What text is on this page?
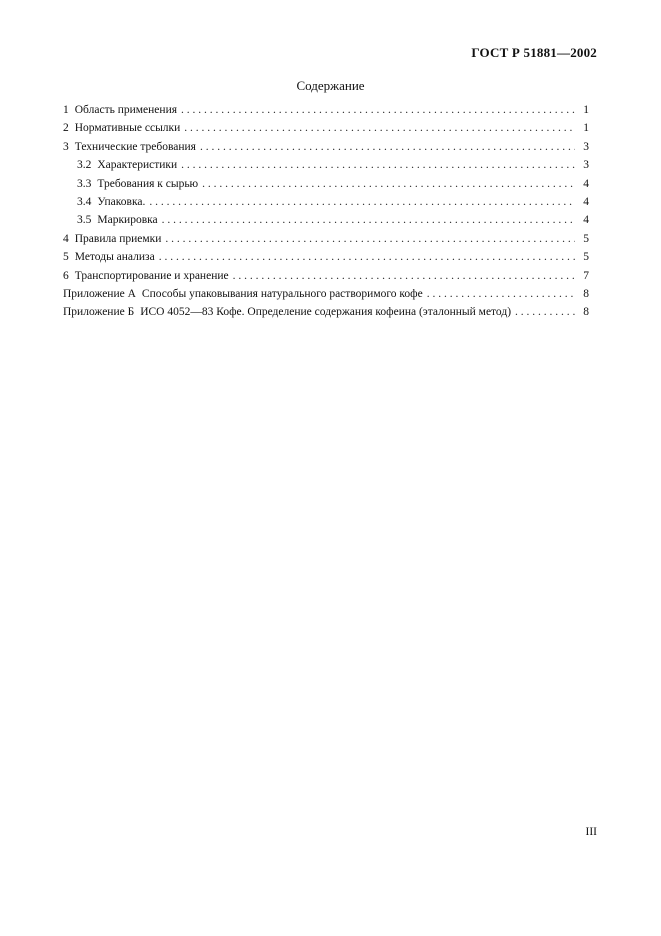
ГОСТ Р 51881—2002
Содержание
1 Область применения . . .	1
2 Нормативные ссылки . . .	1
3 Технические требования . . .	3
3.2 Характеристики . . .	3
3.3 Требования к сырью . . .	4
3.4 Упаковка. . . .	4
3.5 Маркировка . . .	4
4 Правила приемки . . .	5
5 Методы анализа . . .	5
6 Транспортирование и хранение . . .	7
Приложение А Способы упаковывания натурального растворимого кофе . . .	8
Приложение Б ИСО 4052—83 Кофе. Определение содержания кофеина (эталонный метод) . . .	8
III
